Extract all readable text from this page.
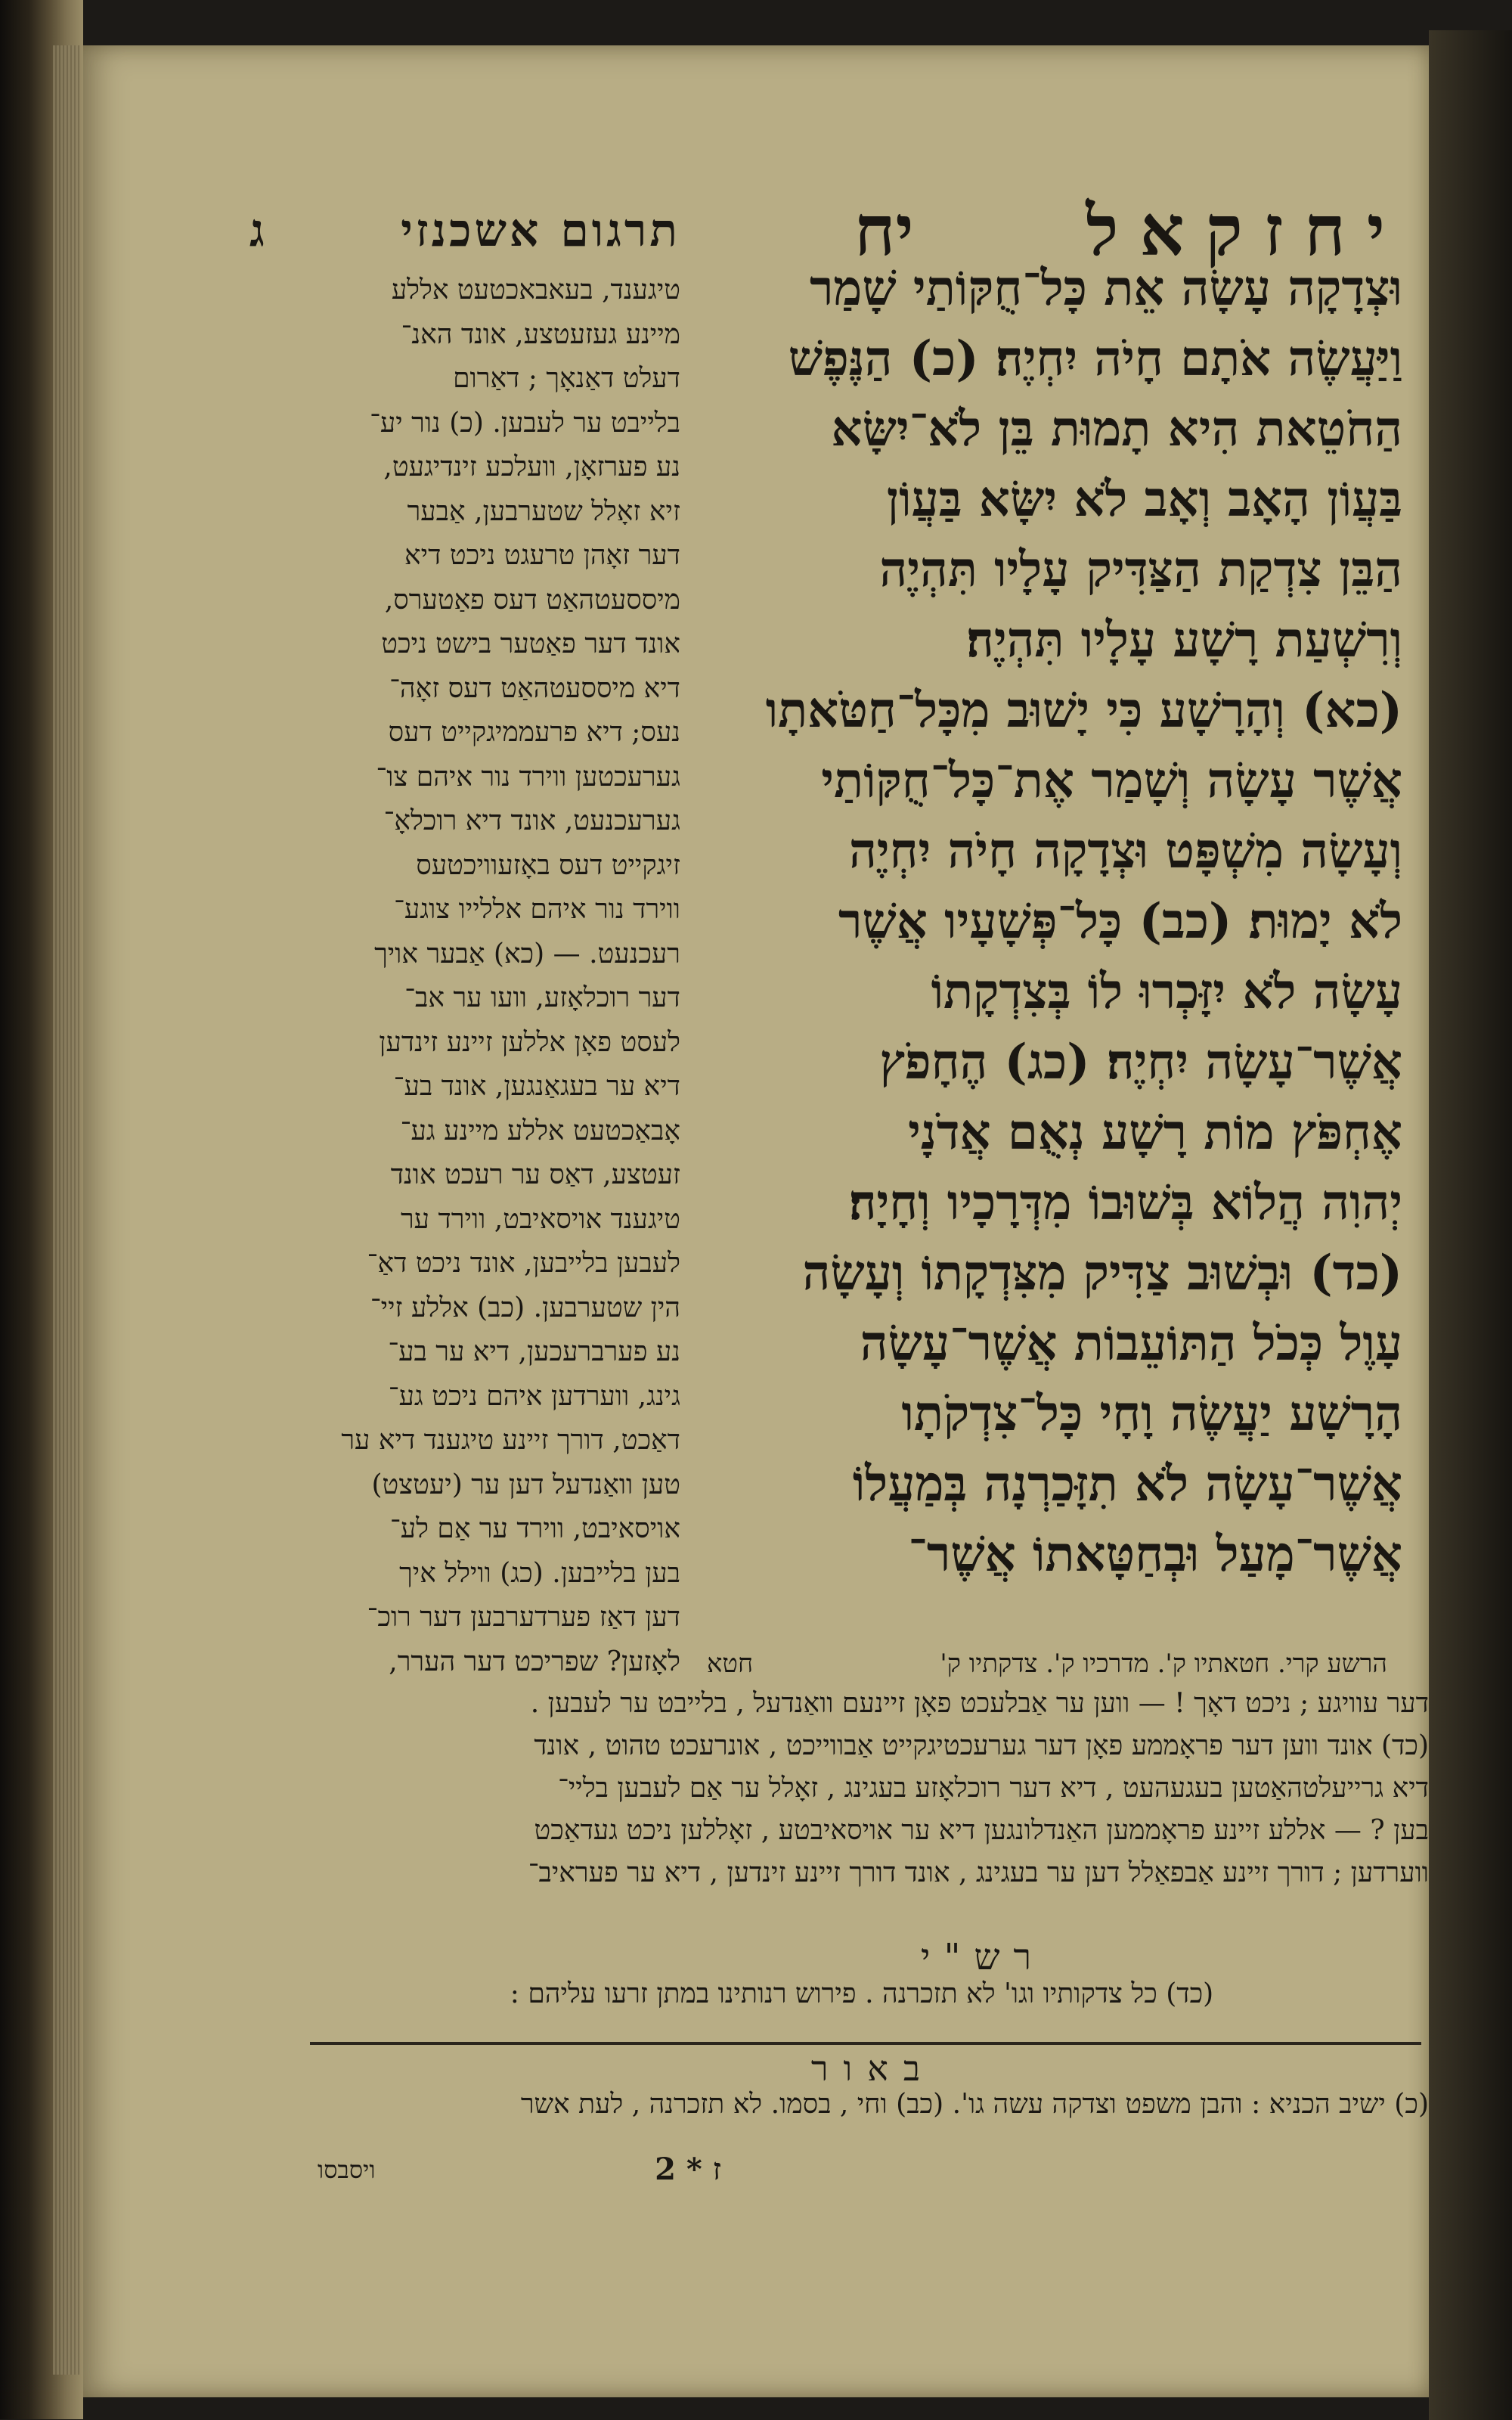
יחזקאל
יח
תרגום אשכנזי
ג
וּצְדָקָה עָשָׂה אֵת כָּל־חֻקּוֹתַי שָׁמַר
וַיַּעֲשֶׂה אֹתָם חָיֹה יִחְיֶה׃ (כ) הַנֶּפֶשׁ
הַחֹטֵאת הִיא תָמוּת בֵּן לֹא־יִשָּׂא
בַּעֲוֹן הָאָב וְאָב לֹא יִשָּׂא בַּעֲוֹן
הַבֵּן צִדְקַת הַצַּדִּיק עָלָיו תִּהְיֶה
וְרִשְׁעַת רָשָׁע עָלָיו תִּהְיֶה׃
(כא) וְהָרָשָׁע כִּי יָשׁוּב מִכָּל־חַטֹּאתָו
אֲשֶׁר עָשָׂה וְשָׁמַר אֶת־כָּל־חֻקּוֹתַי
וְעָשָׂה מִשְׁפָּט וּצְדָקָה חָיֹה יִחְיֶה
לֹא יָמוּת׃ (כב) כָּל־פְּשָׁעָיו אֲשֶׁר
עָשָׂה לֹא יִזָּכְרוּ לוֹ בְּצִדְקָתוֹ
אֲשֶׁר־עָשָׂה יִחְיֶה׃ (כג) הֶחָפֹץ
אֶחְפֹּץ מוֹת רָשָׁע נְאֻם אֲדֹנָי
יְהוִה הֲלוֹא בְּשׁוּבוֹ מִדְּרָכָיו וְחָיָה׃
(כד) וּבְשׁוּב צַדִּיק מִצִּדְקָתוֹ וְעָשָׂה
עָוֶל כְּכֹל הַתּוֹעֵבוֹת אֲשֶׁר־עָשָׂה
הָרָשָׁע יַעֲשֶׂה וָחָי כָּל־צִדְקֹתָו
אֲשֶׁר־עָשָׂה לֹא תִזָּכַרְנָה בְּמַעֲלוֹ
אֲשֶׁר־מָעַל וּבְחַטָּאתוֹ אֲשֶׁר־
טיגענד, בעאבאכטעט אללע
מיינע געזעטצע, אונד האנ־
דעלט דאַנאָך ; דאַרום
בלייבט ער לעבען. (כ) נור יע־
נע פערזאָן, וועלכע זינדיגעט,
זיא זאָלל שטערבען, אַבער
דער זאָהן טרעגט ניכט דיא
מיססעטהאַט דעס פאַטערס,
אונד דער פאַטער בישט ניכט
דיא מיססעטהאַט דעס זאָה־
נעס; דיא פרעממיגקייט דעס
גערעכטען ווירד נור איהם צו־
גערעכנעט, אונד דיא רוכלאָ־
זיגקייט דעס באָזעוויכטעס
ווירד נור איהם אללייו צוגע־
רעכנעט. — (כא) אַבער אויך
דער רוכלאָזע, וועו ער אב־
לעסט פאָן אללען זיינע זינדען
דיא ער בעגאַנגען, אונד בע־
אָבאַכטעט אללע מיינע גע־
זעטצע, דאַס ער רעכט אונד
טיגענד אויסאיבט, ווירד ער
לעבען בלייבען, אונד ניכט דאַ־
הין שטערבען. (כב) אללע זיי־
נע פערברעכען, דיא ער בע־
גינג, ווערדען איהם ניכט גע־
דאַכט, דורך זיינע טיגענד דיא ער
טען וואַנדעל דען ער (יעטצט)
אויסאיבט, ווירד ער אַם לע־
בען בלייבען. (כג) ווילל איך
דען דאַז פערדערבען דער רוכ־
לאָזען? שפריכט דער הערר,	הרשע קרי. חטאתיו ק'. מדרכיו ק'. צדקתיו ק'
חטא
דער עוויגע ; ניכט דאָך ! — ווען ער אַבלעכט פאָן זיינעם וואַנדעל , בלייבט ער לעבען .
(כד) אונד ווען דער פראָממע פאָן דער גערעכטיגקייט אַבווייכט , אונרעכט טהוט , אונד
דיא גרייעלטהאַטען בעגעהעט , דיא דער רוכלאָזע בעגינג , זאָלל ער אַם לעבען בליי־
בען ? — אללע זיינע פראָממען האַנדלונגען דיא ער אויסאיבטע , זאָללען ניכט געדאַכט
ווערדען ; דורך זיינע אַבפאַלל דען ער בעגינג , אונד דורך זיינע זינדען , דיא ער פעראיב־
רש"י
(כד) כל צדקותיו וגו' לא תזכרנה . פירוש רנותינו במתן זרעו עליהם :
באור
(כ) ישיב הכניא : והבן משפט וצדקה עשה גו'. (כב) וחי , בסמו. לא תזכרנה , לעת אשר
ויסבסו	ז * 2
